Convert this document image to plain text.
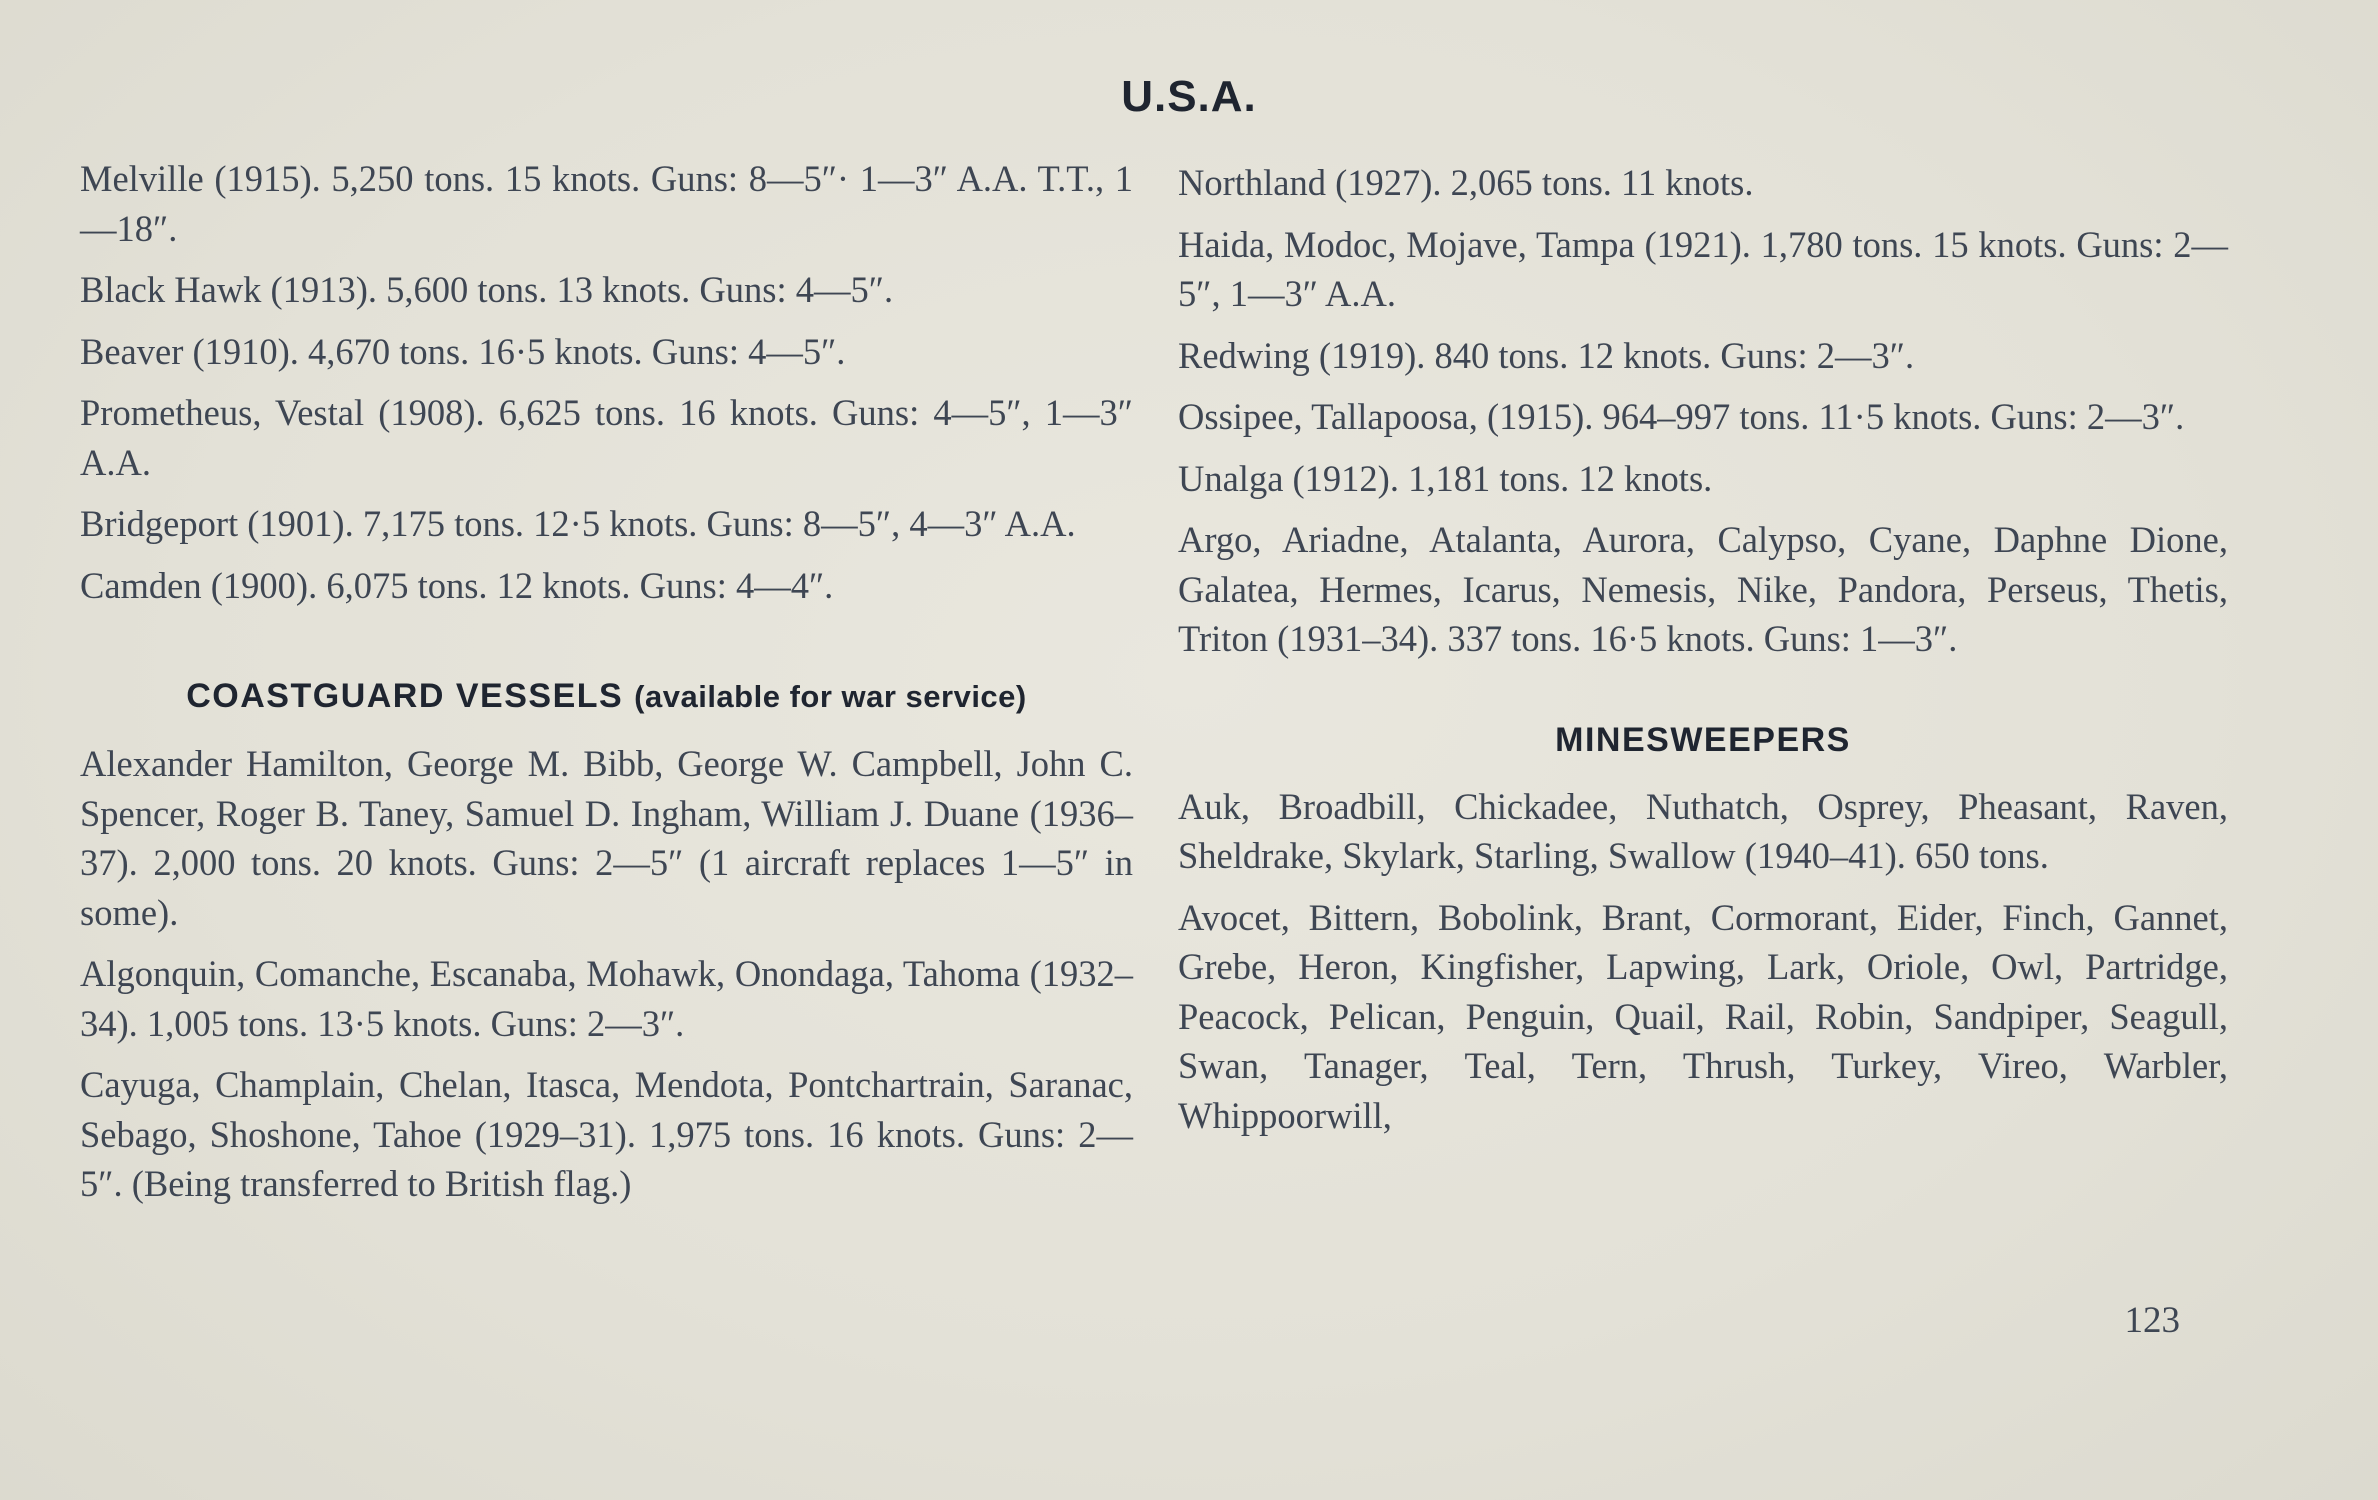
U.S.A.

Melville (1915). 5,250 tons. 15 knots. Guns: 8—5″· 1—3″ A.A. T.T., 1—18″.

Black Hawk (1913). 5,600 tons. 13 knots. Guns: 4—5″.

Beaver (1910). 4,670 tons. 16·5 knots. Guns: 4—5″.

Prometheus, Vestal (1908). 6,625 tons. 16 knots. Guns: 4—5″, 1—3″ A.A.

Bridgeport (1901). 7,175 tons. 12·5 knots. Guns: 8—5″, 4—3″ A.A.

Camden (1900). 6,075 tons. 12 knots. Guns: 4—4″.

COASTGUARD VESSELS (available for war service)

Alexander Hamilton, George M. Bibb, George W. Campbell, John C. Spencer, Roger B. Taney, Samuel D. Ingham, William J. Duane (1936–37). 2,000 tons. 20 knots. Guns: 2—5″ (1 aircraft replaces 1—5″ in some).

Algonquin, Comanche, Escanaba, Mohawk, Onondaga, Tahoma (1932–34). 1,005 tons. 13·5 knots. Guns: 2—3″.

Cayuga, Champlain, Chelan, Itasca, Mendota, Pontchartrain, Saranac, Sebago, Shoshone, Tahoe (1929–31). 1,975 tons. 16 knots. Guns: 2—5″. (Being transferred to British flag.)

Northland (1927). 2,065 tons. 11 knots.

Haida, Modoc, Mojave, Tampa (1921). 1,780 tons. 15 knots. Guns: 2—5″, 1—3″ A.A.

Redwing (1919). 840 tons. 12 knots. Guns: 2—3″.

Ossipee, Tallapoosa, (1915). 964–997 tons. 11·5 knots. Guns: 2—3″.

Unalga (1912). 1,181 tons. 12 knots.

Argo, Ariadne, Atalanta, Aurora, Calypso, Cyane, Daphne Dione, Galatea, Hermes, Icarus, Nemesis, Nike, Pandora, Perseus, Thetis, Triton (1931–34). 337 tons. 16·5 knots. Guns: 1—3″.

MINESWEEPERS

Auk, Broadbill, Chickadee, Nuthatch, Osprey, Pheasant, Raven, Sheldrake, Skylark, Starling, Swallow (1940–41). 650 tons.

Avocet, Bittern, Bobolink, Brant, Cormorant, Eider, Finch, Gannet, Grebe, Heron, Kingfisher, Lapwing, Lark, Oriole, Owl, Partridge, Peacock, Pelican, Penguin, Quail, Rail, Robin, Sandpiper, Seagull, Swan, Tanager, Teal, Tern, Thrush, Turkey, Vireo, Warbler, Whippoorwill,

123
